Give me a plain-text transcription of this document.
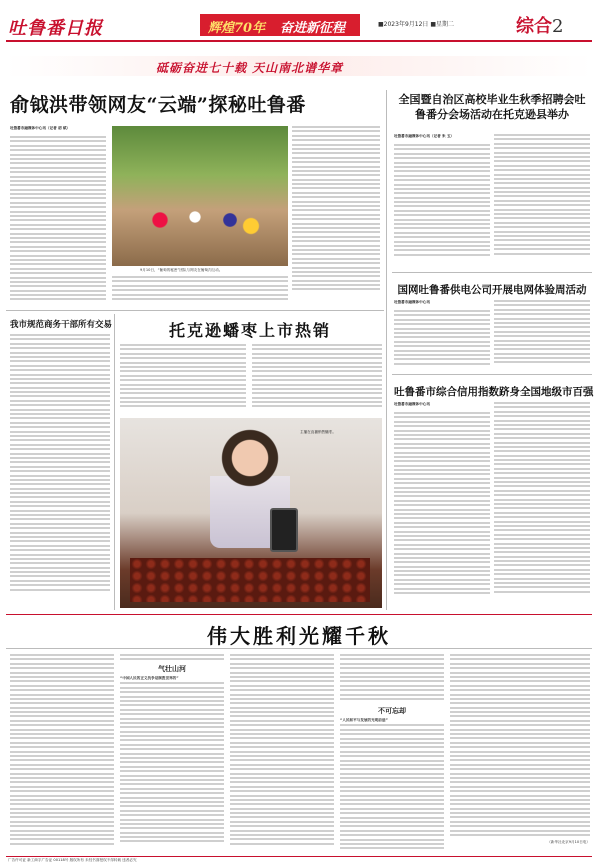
吐鲁番日报	辉煌70年 奋进新征程	■2023年9月12日 ■星期二	综合2
砥砺奋进七十载 天山南北谱华章
俞钺洪带领网友“云端”探秘吐鲁番
吐鲁番市融媒体中心讯（记者 胡 斌）
9月10日，“葡萄的秘密”团队与网友在葡萄沟互动。
全国暨自治区高校毕业生秋季招聘会吐鲁番分会场活动在托克逊县举办
吐鲁番市融媒体中心讯（记者 朱 玉）
国网吐鲁番供电公司开展电网体验周活动
吐鲁番市融媒体中心讯
吐鲁番市综合信用指数跻身全国地级市百强
吐鲁番市融媒体中心讯
我市规范商务干部所有交易	托克逊蟠枣上市热销
主播在直播销售蟠枣。
伟大胜利光耀千秋
气壮山河
“中国人民的正义抗争是制胜世界的”
不可忘却
“人民和平与发展的光明前途”
（新华社北京9月10日电）
广告许可证 新工商字广告证 00118号 版权所有 未经书面授权不得转载 违者必究
